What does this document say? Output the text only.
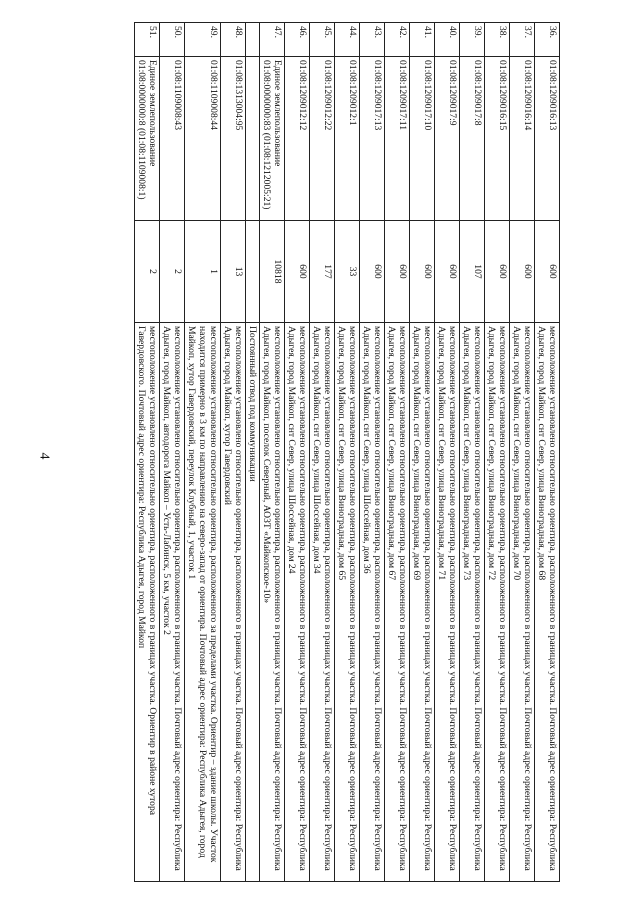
4
36.	01:08:1209016:13	600	местоположение установлено относительно ориентира, расположенного в границах участка. Почтовый адрес ориентира: Республика Адыгея, город Майкоп, снт Север, улица Виноградная, дом 68
37.	01:08:1209016:14	600	местоположение установлено относительно ориентира, расположенного в границах участка. Почтовый адрес ориентира: Республика Адыгея, город Майкоп, снт Север, улица Виноградная, дом 70
38.	01:08:1209016:15	600	местоположение установлено относительно ориентира, расположенного в границах участка. Почтовый адрес ориентира: Республика Адыгея, город Майкоп, снт Север, улица Виноградная, дом 72
39.	01:08:1209017:8	107	местоположение установлено относительно ориентира, расположенного в границах участка. Почтовый адрес ориентира: Республика Адыгея, город Майкоп, снт Север, улица Виноградная, дом 73
40.	01:08:1209017:9	600	местоположение установлено относительно ориентира, расположенного в границах участка. Почтовый адрес ориентира: Республика Адыгея, город Майкоп, снт Север, улица Виноградная, дом 71
41.	01:08:1209017:10	600	местоположение установлено относительно ориентира, расположенного в границах участка. Почтовый адрес ориентира: Республика Адыгея, город Майкоп, снт Север, улица Виноградная, дом 69
42.	01:08:1209017:11	600	местоположение установлено относительно ориентира, расположенного в границах участка. Почтовый адрес ориентира: Республика Адыгея, город Майкоп, снт Север, улица Виноградная, дом 67
43.	01:08:1209017:13	600	местоположение установлено относительно ориентира, расположенного в границах участка. Почтовый адрес ориентира: Республика Адыгея, город Майкоп, снт Север, улица Шоссейная, дом 36
44.	01:08:1209012:1	33	местоположение установлено относительно ориентира, расположенного в границах участка. Почтовый адрес ориентира: Республика Адыгея, город Майкоп, снт Север, улица Виноградная, дом 65
45.	01:08:1209012:22	177	местоположение установлено относительно ориентира, расположенного в границах участка. Почтовый адрес ориентира: Республика Адыгея, город Майкоп, снт Север, улица Шоссейная, дом 34
46.	01:08:1209012:12	600	местоположение установлено относительно ориентира, расположенного в границах участка. Почтовый адрес ориентира: Республика Адыгея, город Майкоп, снт Север, улица Шоссейная, дом 24
47.	Единое землепользование 01:08:0000000:83 (01:08:1212005:21)	10818	местоположение установлено относительно ориентира, расположенного в границах участка. Почтовый адрес ориентира: Республика Адыгея, город Майкоп, поселок Северный, АОЗТ «Майкопское-10»
			Постоянный отвод под коммуникации
48.	01:08:1313004:95	13	местоположение установлено относительно ориентира, расположенного в границах участка. Почтовый адрес ориентира: Республика Адыгея, город Майкоп, хутор Гавердовский
49.	01:08:1109008:44	1	местоположение установлено относительно ориентира, расположенного за пределами участка. Ориентир – здание школы. Участок находится примерно в 3 км по направлению на северо-запад от ориентира. Почтовый адрес ориентира: Республика Адыгея, город Майкоп, хутор Гавердовский, переулок Клубный, 1, участок 1
50.	01:08:1109008:43	2	местоположение установлено относительно ориентира, расположенного в границах участка. Почтовый адрес ориентира: Республика Адыгея, город Майкоп, автодорога Майкоп – Усть-Лабинск, 5 км, участок 2
51.	Единое землепользование 01:08:0000000:8 (01:08:1109008:1)	2	местоположение установлено относительно ориентира, расположенного в границах участка. Ориентир в районе хутора Гавердовского. Почтовый адрес ориентира: Республика Адыгея, город Майкоп
